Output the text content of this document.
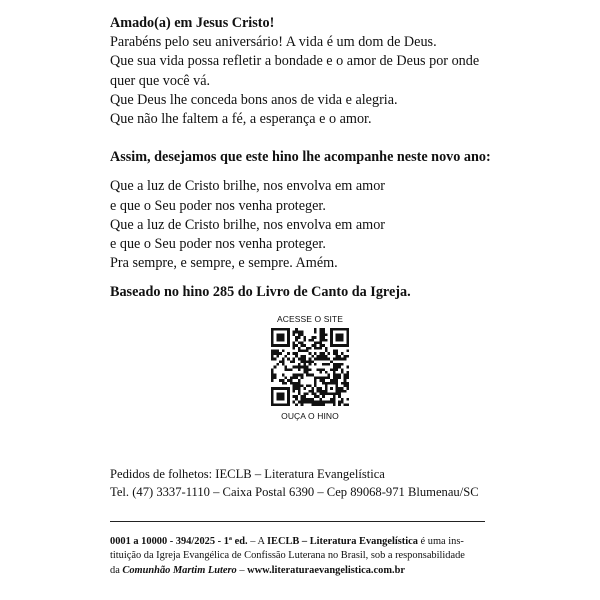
Amado(a) em Jesus Cristo!
Parabéns pelo seu aniversário! A vida é um dom de Deus.
Que sua vida possa refletir a bondade e o amor de Deus por onde
quer que você vá.
Que Deus lhe conceda bons anos de vida e alegria.
Que não lhe faltem a fé, a esperança e o amor.
Assim, desejamos que este hino lhe acompanhe neste novo ano:
Que a luz de Cristo brilhe, nos envolva em amor
e que o Seu poder nos venha proteger.
Que a luz de Cristo brilhe, nos envolva em amor
e que o Seu poder nos venha proteger.
Pra sempre, e sempre, e sempre. Amém.
Baseado no hino 285 do Livro de Canto da Igreja.
ACESSE O SITE
OUÇA O HINO
Pedidos de folhetos: IECLB – Literatura Evangelística
Tel. (47) 3337-1110 – Caixa Postal 6390 – Cep 89068-971 Blumenau/SC
0001 a 10000 - 394/2025 - 1ª ed. – A IECLB – Literatura Evangelística é uma ins-
tituição da Igreja Evangélica de Confissão Luterana no Brasil, sob a responsabilidade
da Comunhão Martim Lutero – www.literaturaevangelistica.com.br
